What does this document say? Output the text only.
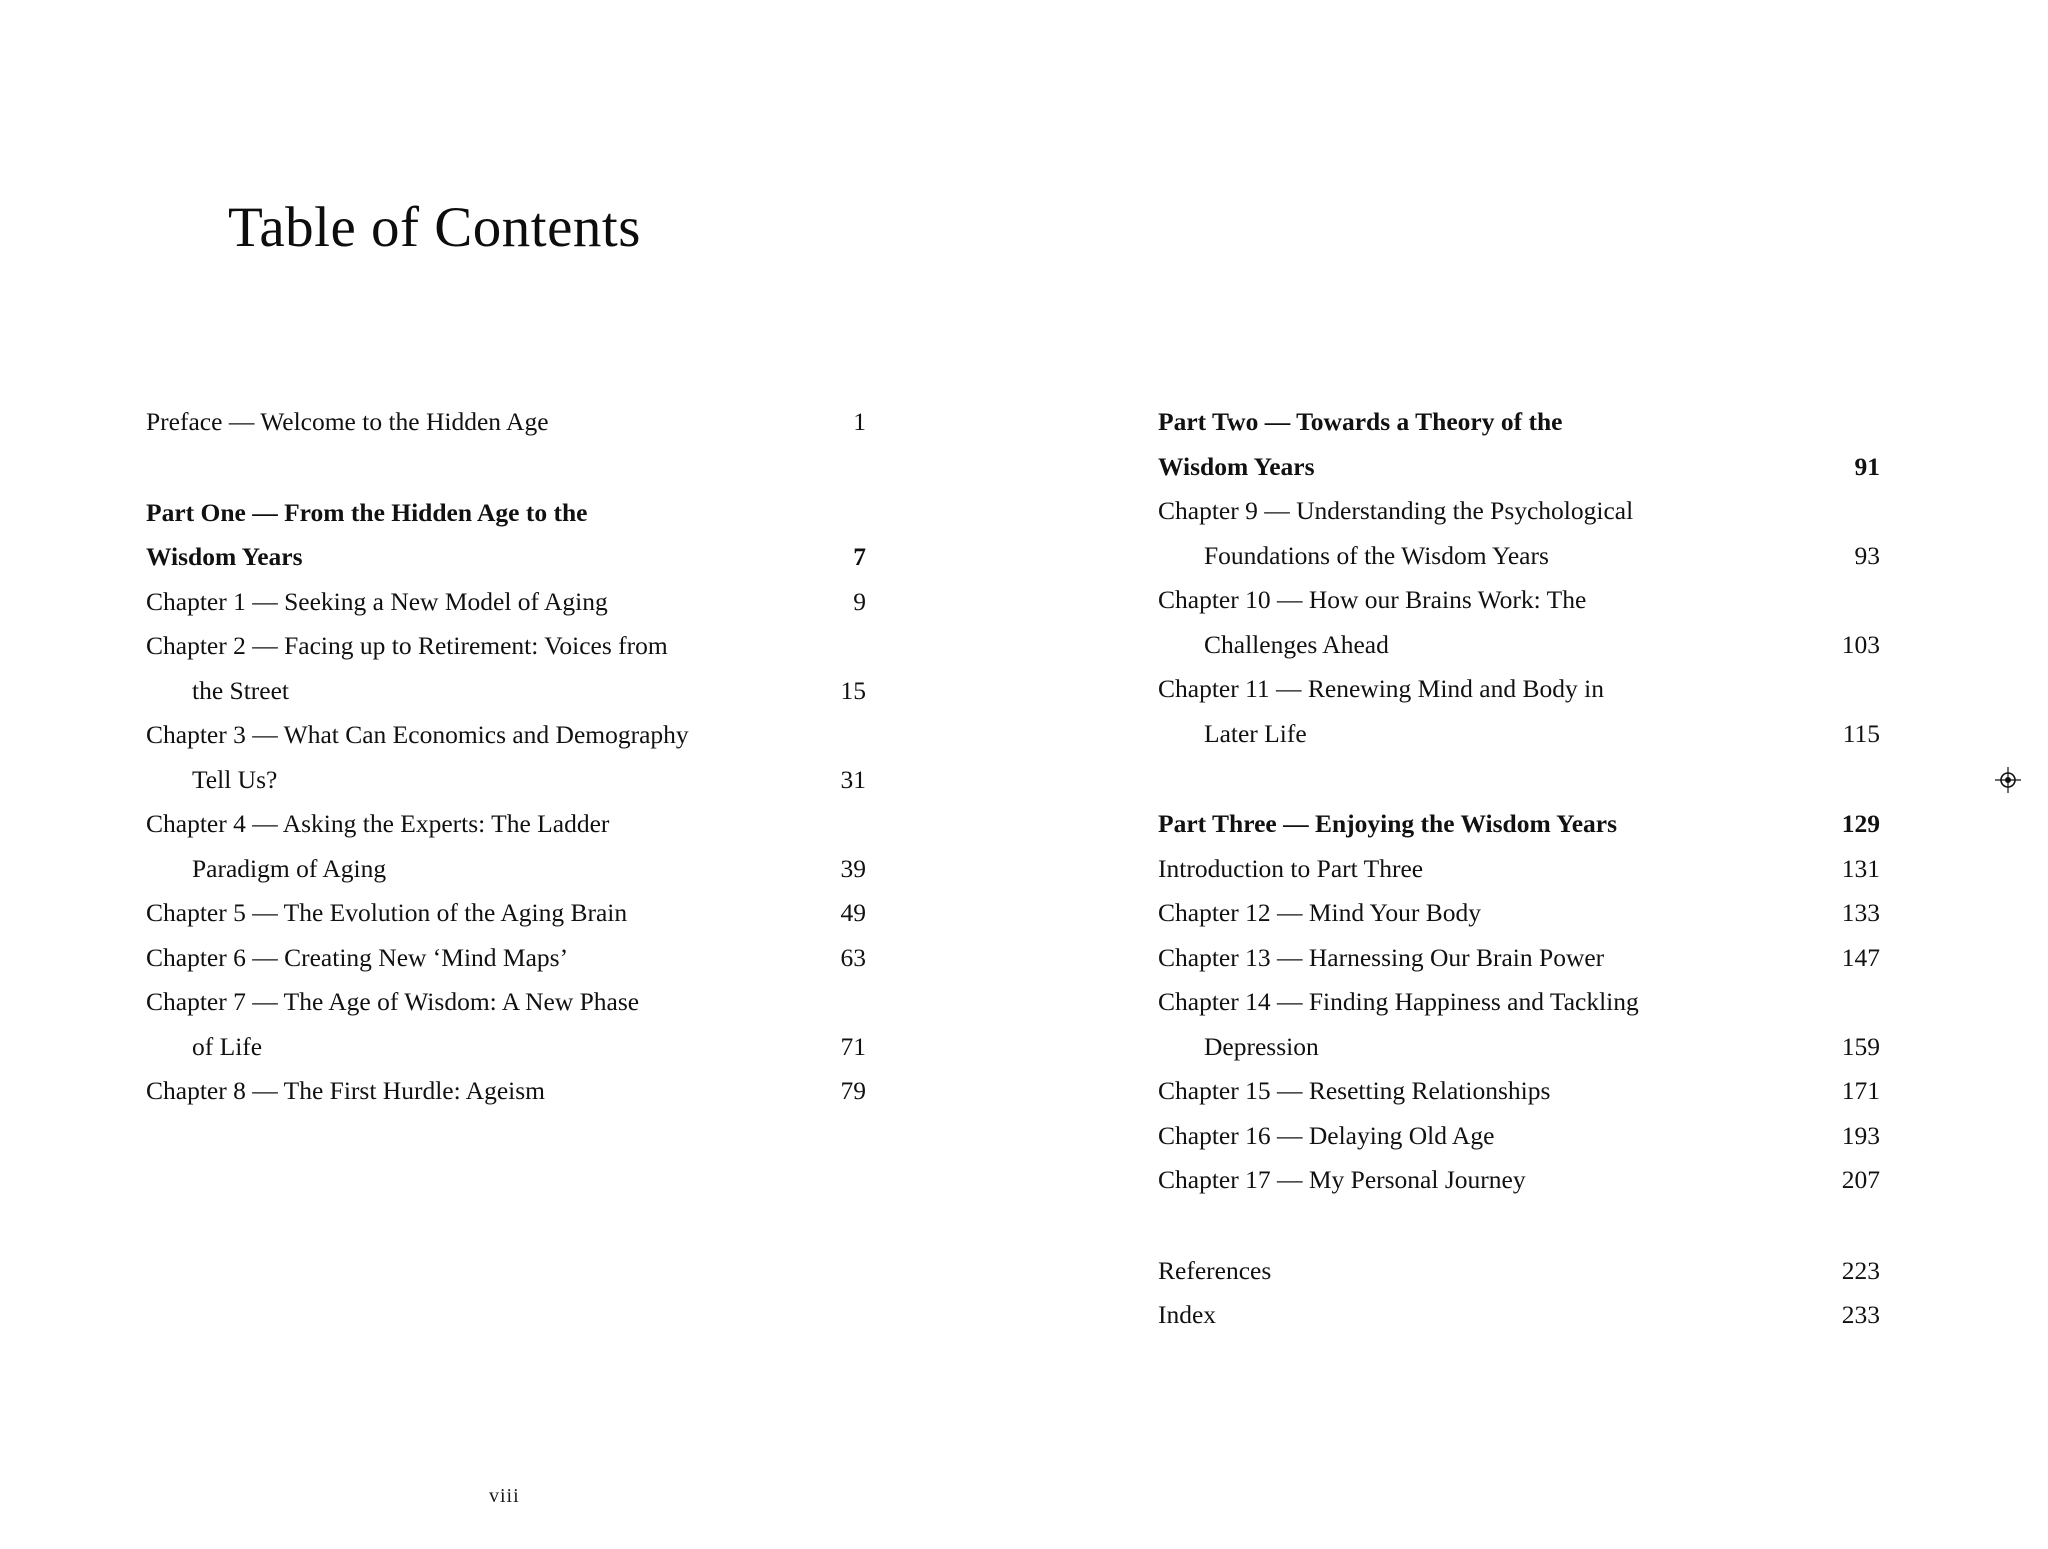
Table of Contents
Preface — Welcome to the Hidden Age	1
Part One — From the Hidden Age to the
Wisdom Years	7
Chapter 1 — Seeking a New Model of Aging	9
Chapter 2 — Facing up to Retirement: Voices from
the Street	15
Chapter 3 — What Can Economics and Demography
Tell Us?	31
Chapter 4 — Asking the Experts: The Ladder
Paradigm of Aging	39
Chapter 5 — The Evolution of the Aging Brain	49
Chapter 6 — Creating New ‘Mind Maps’	63
Chapter 7 — The Age of Wisdom: A New Phase
of Life	71
Chapter 8 — The First Hurdle: Ageism	79
Part Two — Towards a Theory of the
Wisdom Years	91
Chapter 9 — Understanding the Psychological
Foundations of the Wisdom Years	93
Chapter 10 — How our Brains Work: The
Challenges Ahead	103
Chapter 11 — Renewing Mind and Body in
Later Life	115
Part Three — Enjoying the Wisdom Years	129
Introduction to Part Three	131
Chapter 12 — Mind Your Body	133
Chapter 13 — Harnessing Our Brain Power	147
Chapter 14 — Finding Happiness and Tackling
Depression	159
Chapter 15 — Resetting Relationships	171
Chapter 16 — Delaying Old Age	193
Chapter 17 — My Personal Journey	207
References	223
Index	233
viii
